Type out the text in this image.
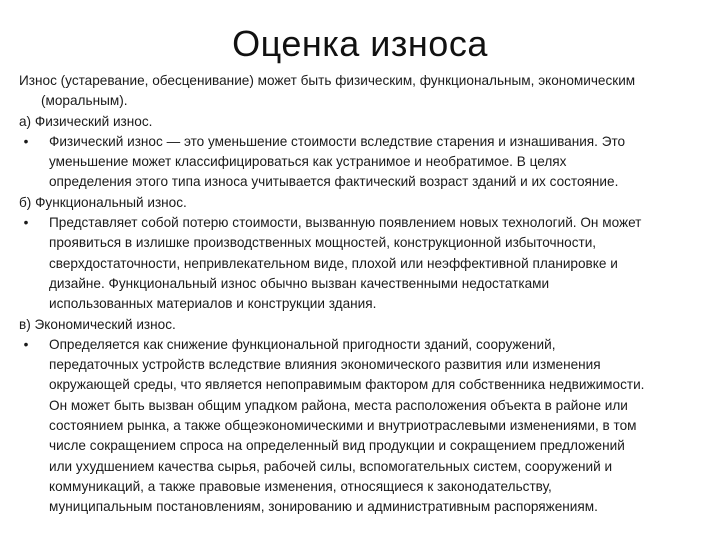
Оценка износа
Износ (устаревание, обесценивание) может быть физическим, функциональным, экономическим
(моральным).
а) Физический износ.
•	Физический износ — это уменьшение стоимости вследствие старения и изнашивания. Это
уменьшение может классифицироваться как устранимое и необратимое. В целях
определения этого типа износа учитывается фактический возраст зданий и их состояние.
б) Функциональный износ.
•	Представляет собой потерю стоимости, вызванную появлением новых технологий. Он может
проявиться в излишке производственных мощностей, конструкционной избыточности,
сверхдостаточности, непривлекательном виде, плохой или неэффективной планировке и
дизайне. Функциональный износ обычно вызван качественными недостатками
использованных материалов и конструкции здания.
в) Экономический износ.
•	Определяется как снижение функциональной пригодности зданий, сооружений,
передаточных устройств вследствие влияния экономического развития или изменения
окружающей среды, что является непоправимым фактором для собственника недвижимости.
Он может быть вызван общим упадком района, места расположения объекта в районе или
состоянием рынка, а также общеэкономическими и внутриотраслевыми изменениями, в том
числе сокращением спроса на определенный вид продукции и сокращением предложений
или ухудшением качества сырья, рабочей силы, вспомогательных систем, сооружений и
коммуникаций, а также правовые изменения, относящиеся к законодательству,
муниципальным постановлениям, зонированию и административным распоряжениям.
